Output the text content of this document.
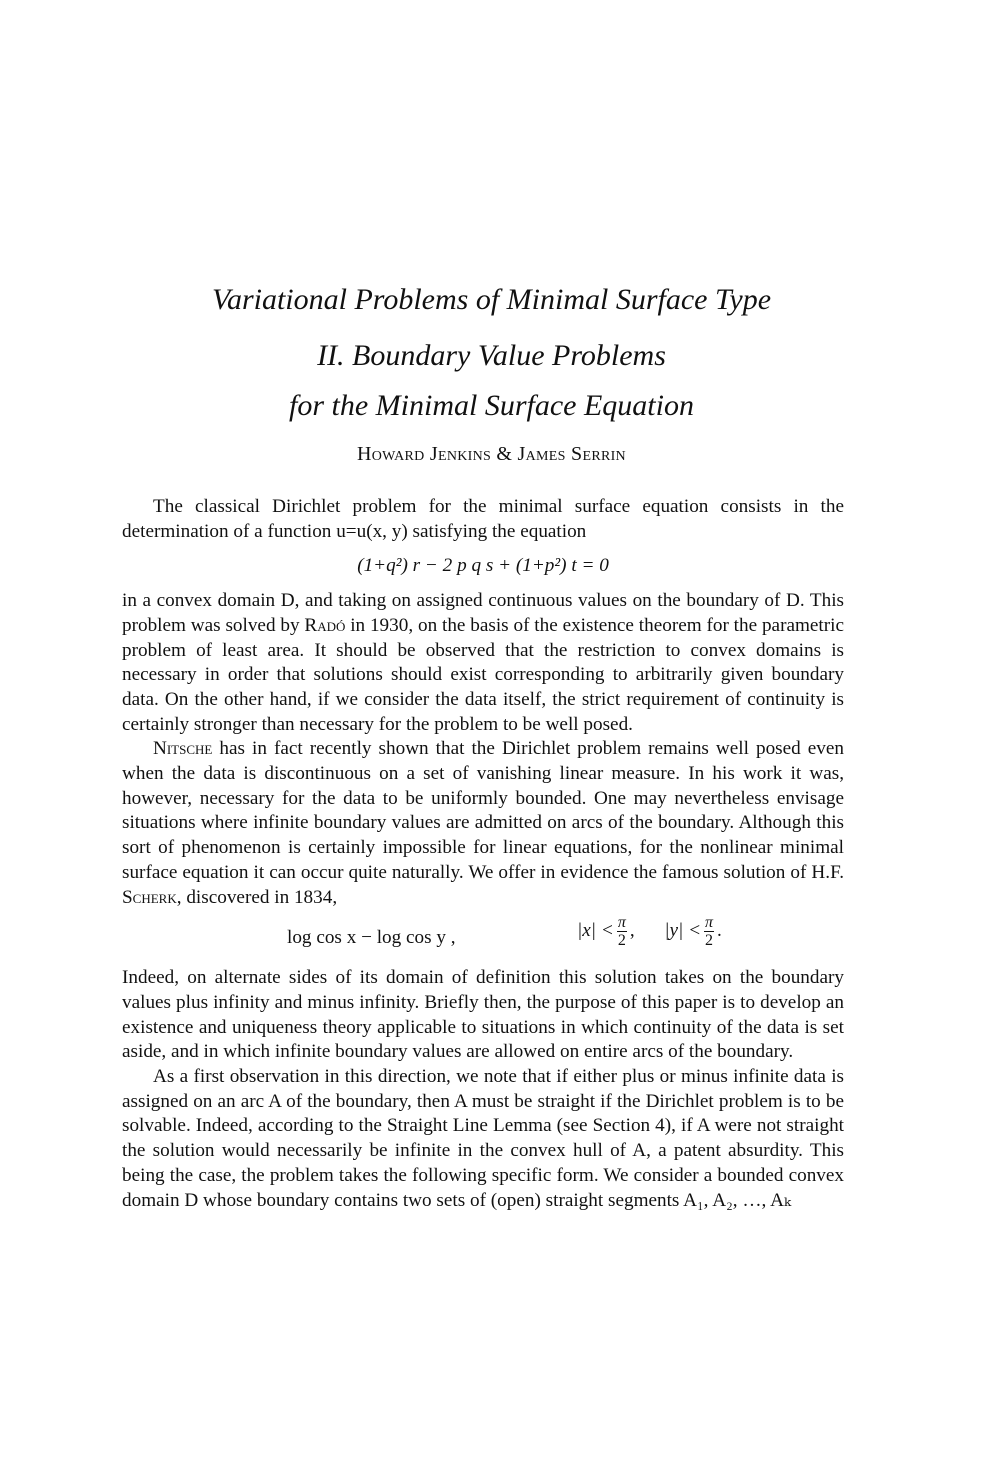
Variational Problems of Minimal Surface Type
II. Boundary Value Problems
for the Minimal Surface Equation
Howard Jenkins & James Serrin

The classical Dirichlet problem for the minimal surface equation consists in the determination of a function u=u(x, y) satisfying the equation

(1+q²) r − 2 p q s + (1+p²) t = 0

in a convex domain D, and taking on assigned continuous values on the boundary of D. This problem was solved by Radó in 1930, on the basis of the existence theorem for the parametric problem of least area. It should be observed that the restriction to convex domains is necessary in order that solutions should exist corresponding to arbitrarily given boundary data. On the other hand, if we consider the data itself, the strict requirement of continuity is certainly stronger than necessary for the problem to be well posed.

Nitsche has in fact recently shown that the Dirichlet problem remains well posed even when the data is discontinuous on a set of vanishing linear measure. In his work it was, however, necessary for the data to be uniformly bounded. One may nevertheless envisage situations where infinite boundary values are admitted on arcs of the boundary. Although this sort of phenomenon is certainly impossible for linear equations, for the nonlinear minimal surface equation it can occur quite naturally. We offer in evidence the famous solution of H.F. Scherk, discovered in 1834,

log cos x − log cos y ,	$|x| < \frac{\pi}{2}$ , $|y| < \frac{\pi}{2}$ .

Indeed, on alternate sides of its domain of definition this solution takes on the boundary values plus infinity and minus infinity. Briefly then, the purpose of this paper is to develop an existence and uniqueness theory applicable to situations in which continuity of the data is set aside, and in which infinite boundary values are allowed on entire arcs of the boundary.

As a first observation in this direction, we note that if either plus or minus infinite data is assigned on an arc A of the boundary, then A must be straight if the Dirichlet problem is to be solvable. Indeed, according to the Straight Line Lemma (see Section 4), if A were not straight the solution would necessarily be infinite in the convex hull of A, a patent absurdity. This being the case, the problem takes the following specific form. We consider a bounded convex domain D whose boundary contains two sets of (open) straight segments A₁, A₂, …, Aₖ
